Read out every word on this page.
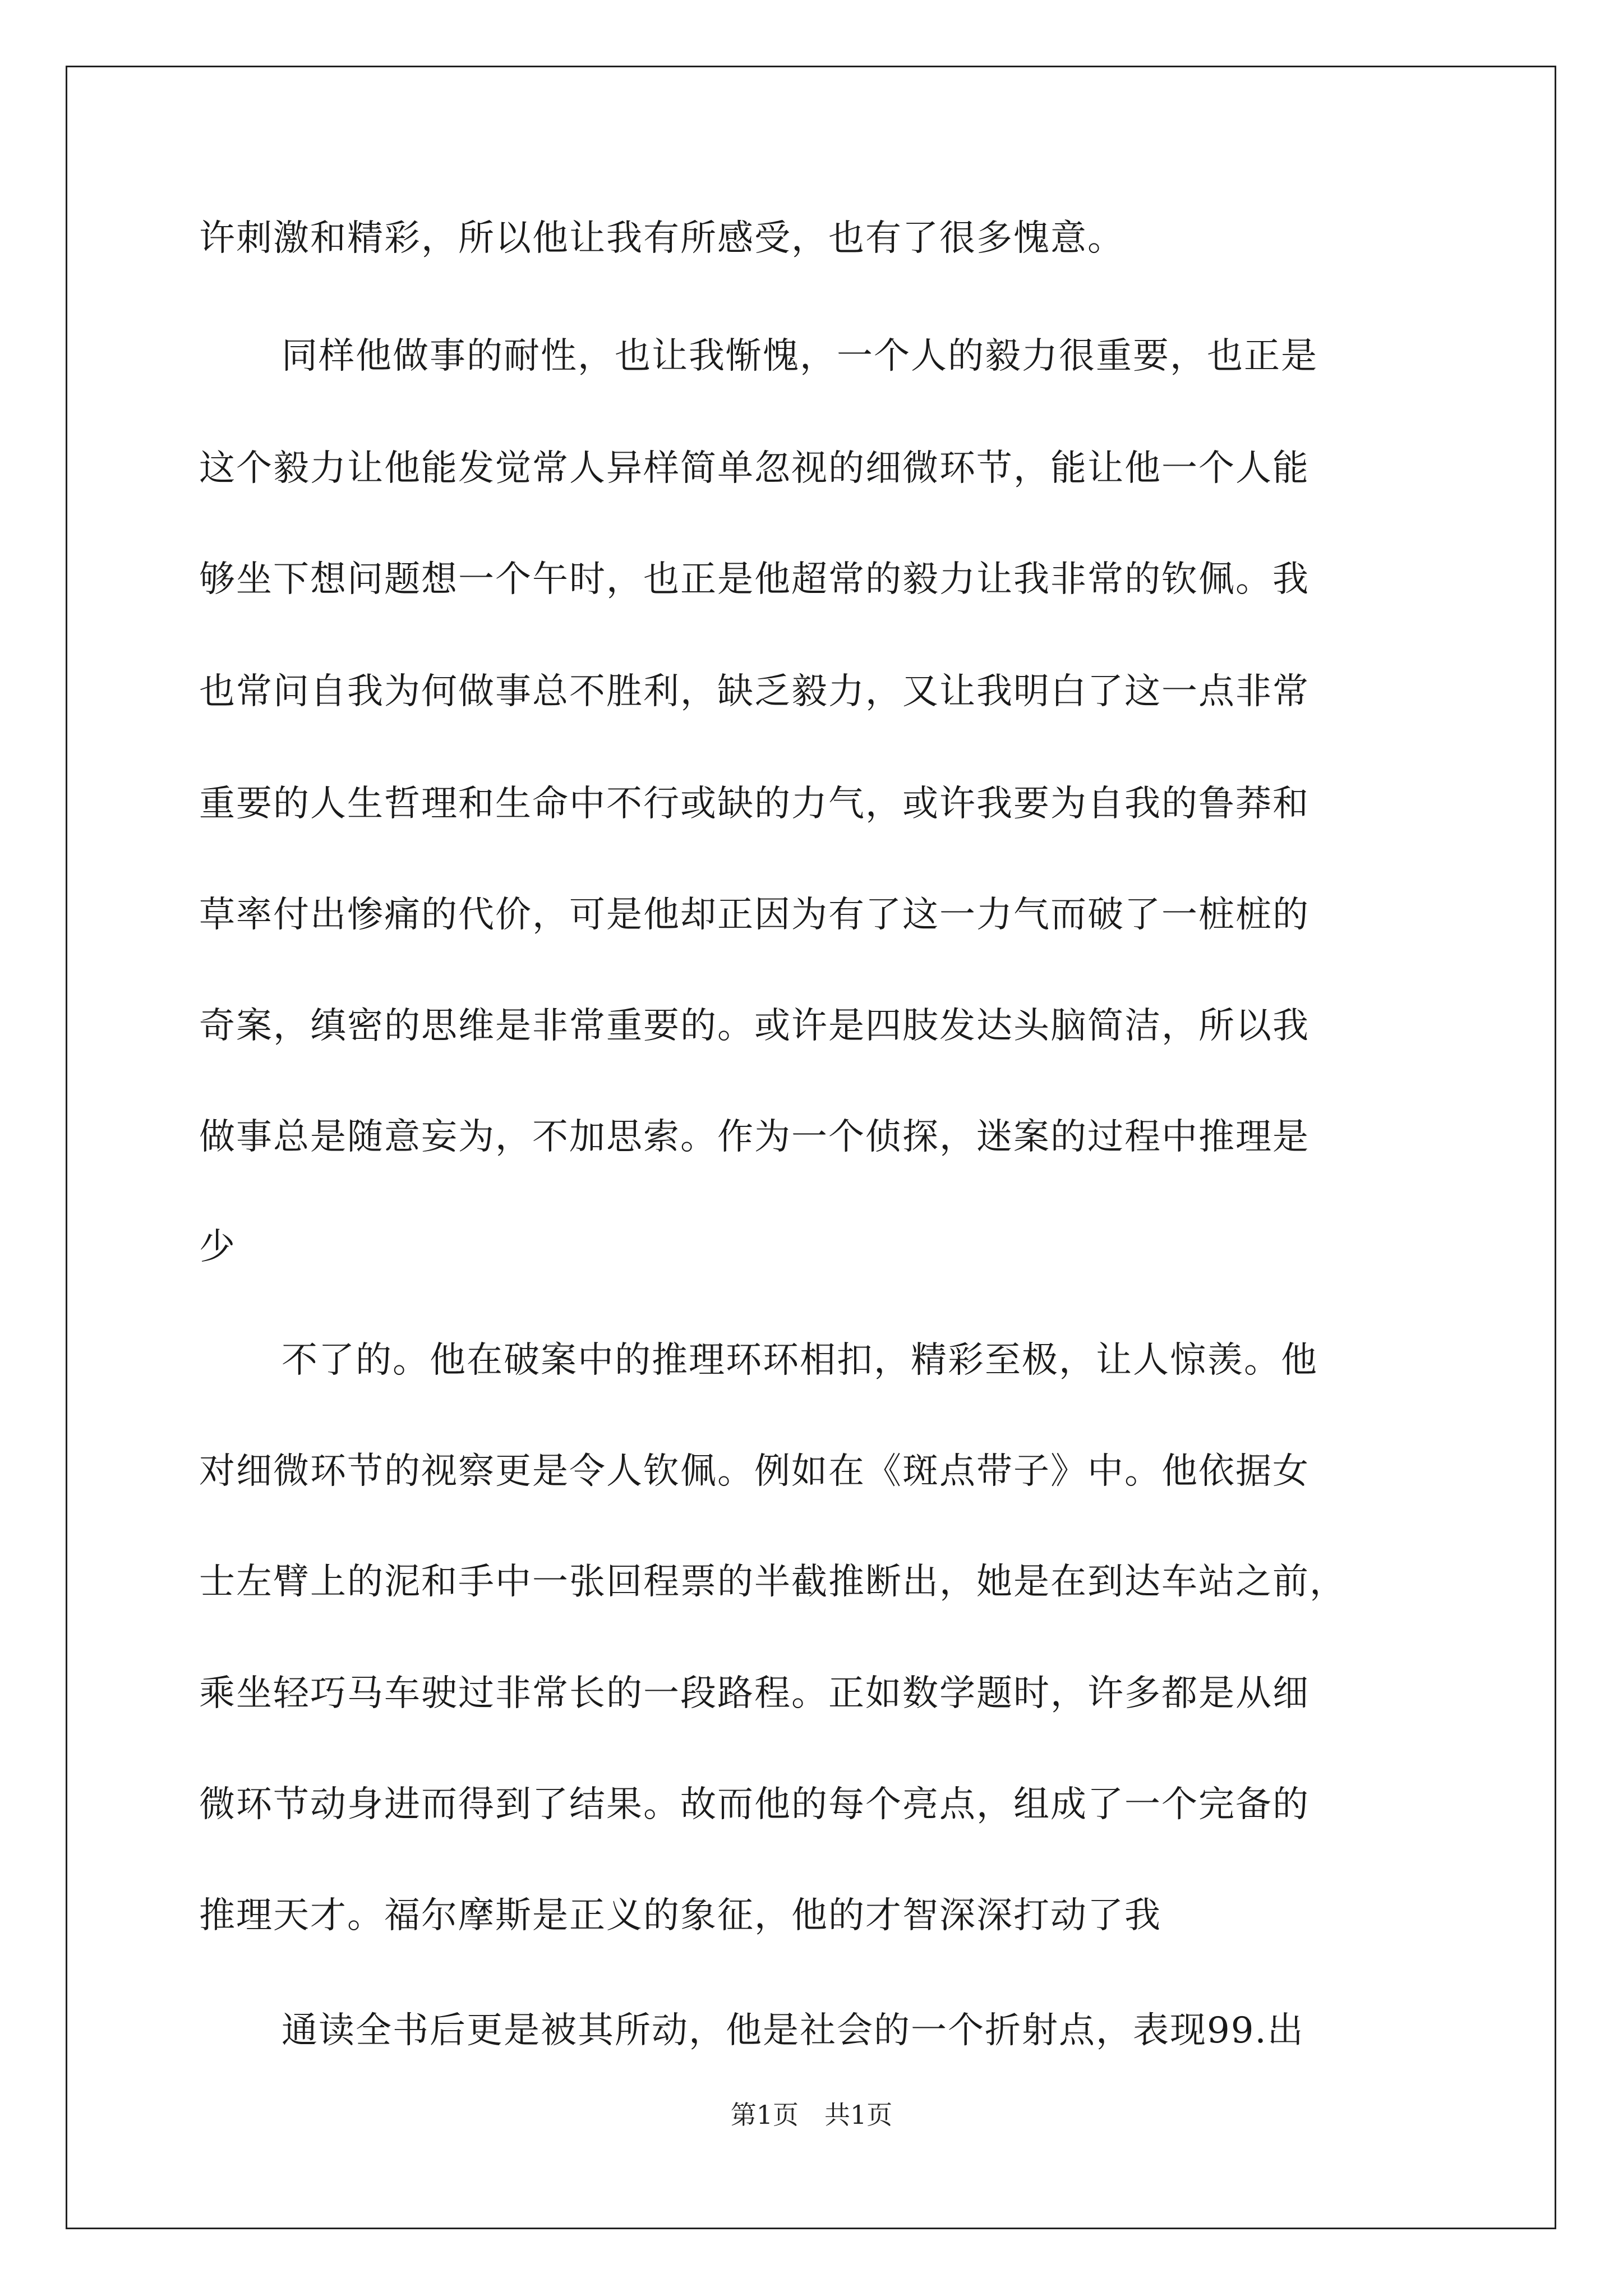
许刺激和精彩，所以他让我有所感受，也有了很多愧意。

同样他做事的耐性，也让我惭愧，一个人的毅力很重要，也正是

这个毅力让他能发觉常人异样简单忽视的细微环节，能让他一个人能

够坐下想问题想一个午时，也正是他超常的毅力让我非常的钦佩。我

也常问自我为何做事总不胜利，缺乏毅力，又让我明白了这一点非常

重要的人生哲理和生命中不行或缺的力气，或许我要为自我的鲁莽和

草率付出惨痛的代价，可是他却正因为有了这一力气而破了一桩桩的

奇案，缜密的思维是非常重要的。或许是四肢发达头脑简洁，所以我

做事总是随意妄为，不加思索。作为一个侦探，迷案的过程中推理是

少

不了的。他在破案中的推理环环相扣，精彩至极，让人惊羡。他

对细微环节的视察更是令人钦佩。例如在《斑点带子》中。他依据女

士左臂上的泥和手中一张回程票的半截推断出，她是在到达车站之前，

乘坐轻巧马车驶过非常长的一段路程。正如数学题时，许多都是从细

微环节动身进而得到了结果。故而他的每个亮点，组成了一个完备的

推理天才。福尔摩斯是正义的象征，他的才智深深打动了我

通读全书后更是被其所动，他是社会的一个折射点，表现99.出

第1页　共1页
